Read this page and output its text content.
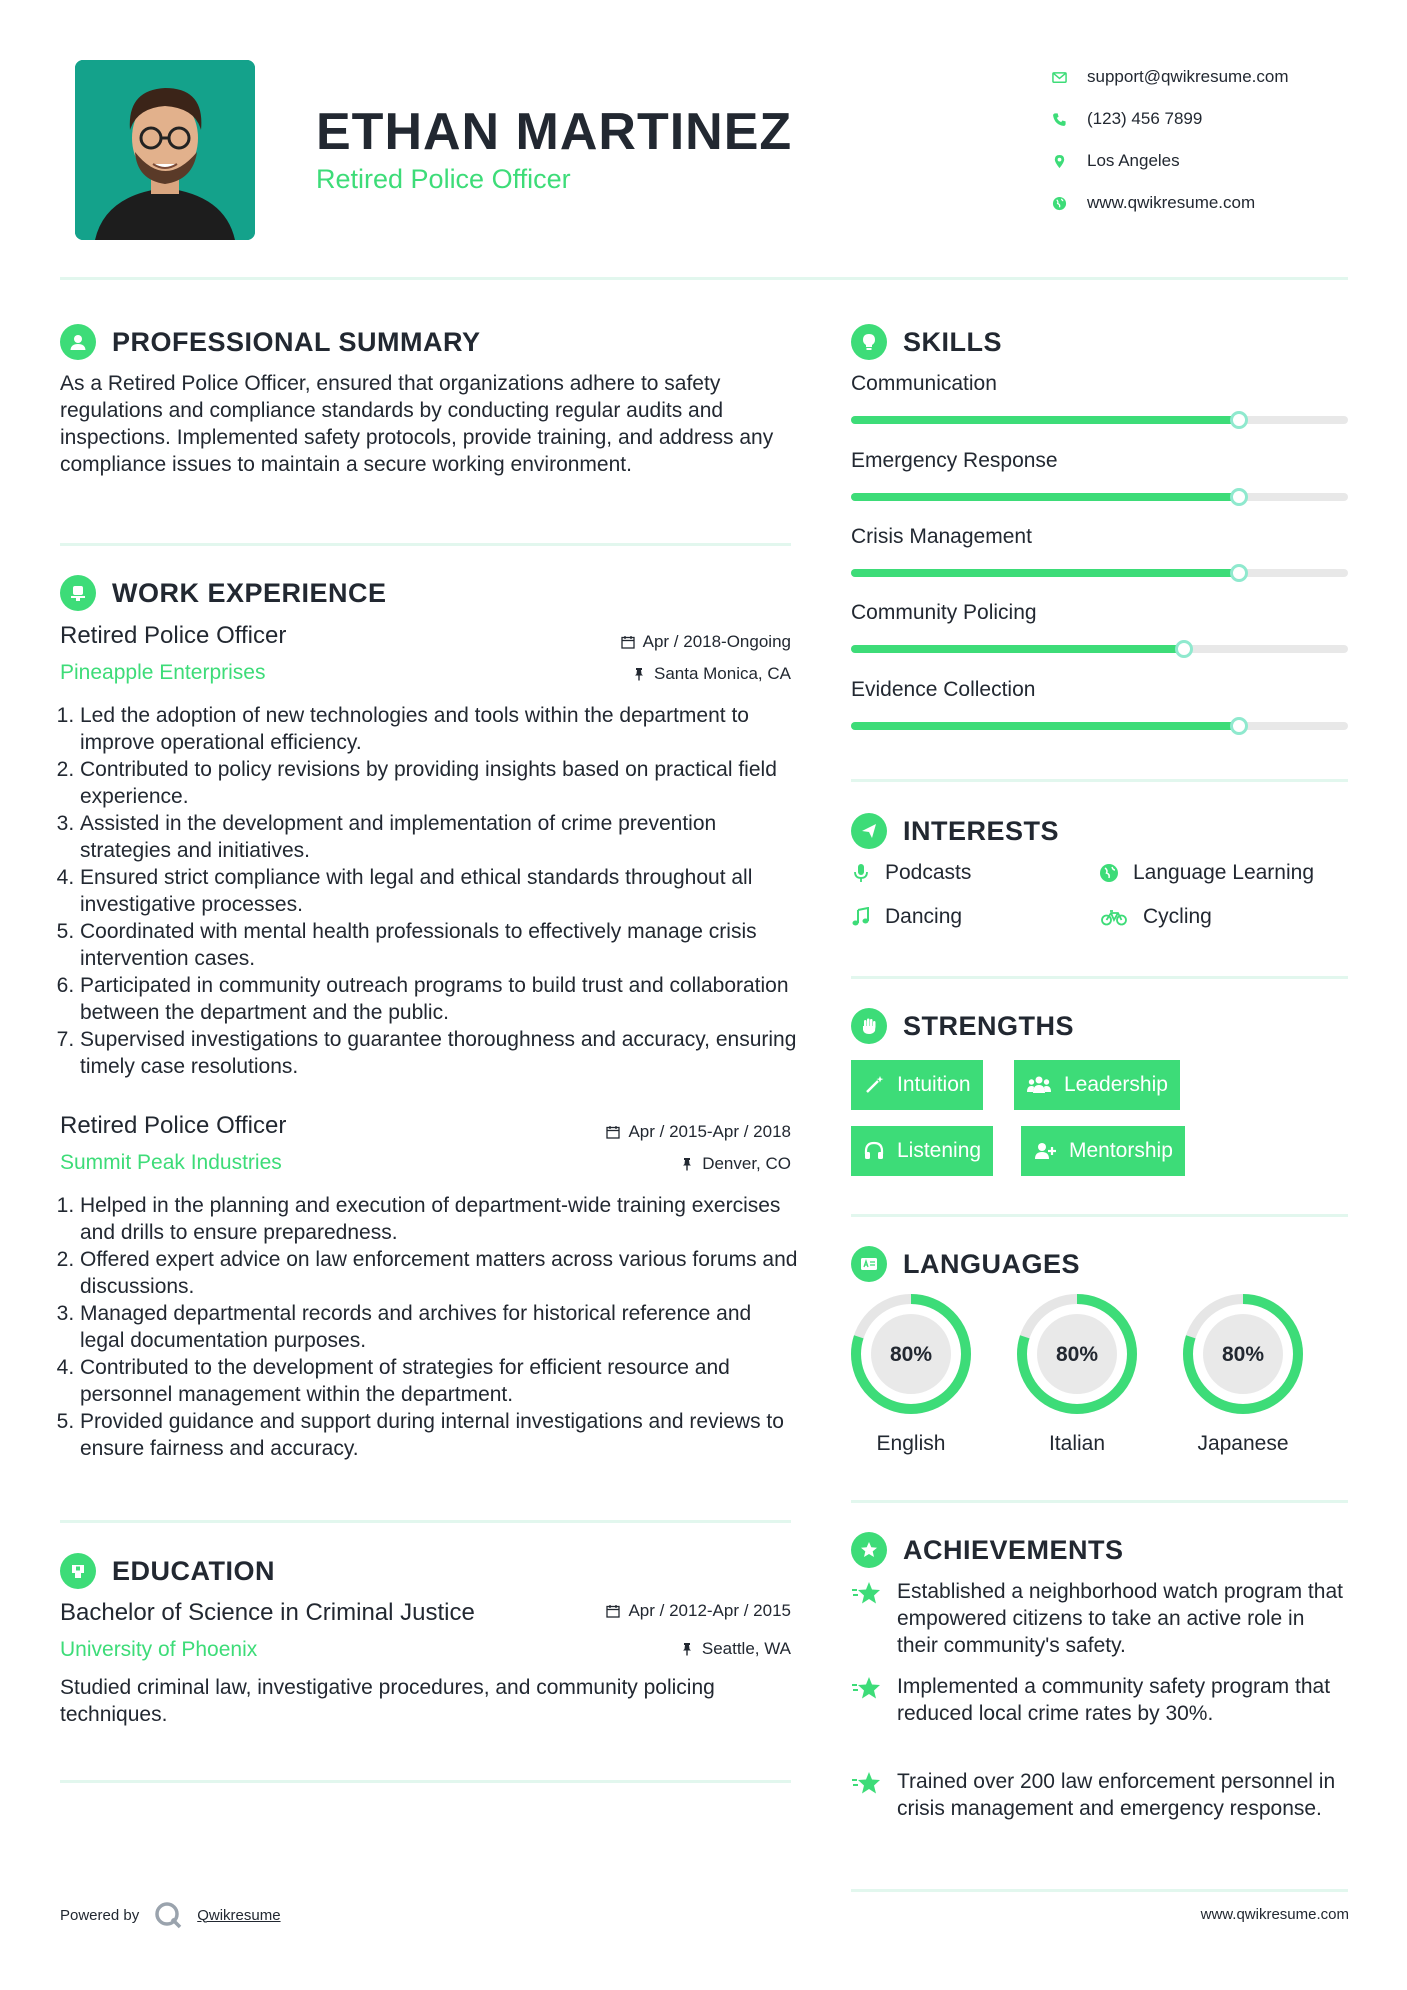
ETHAN MARTINEZ
Retired Police Officer
support@qwikresume.com
(123) 456 7899
Los Angeles
www.qwikresume.com
PROFESSIONAL SUMMARY
As a Retired Police Officer, ensured that organizations adhere to safety regulations and compliance standards by conducting regular audits and inspections. Implemented safety protocols, provide training, and address any compliance issues to maintain a secure working environment.
WORK EXPERIENCE
Retired Police Officer
Pineapple Enterprises
Apr / 2018-Ongoing
Santa Monica, CA
1. Led the adoption of new technologies and tools within the department to improve operational efficiency.
2. Contributed to policy revisions by providing insights based on practical field experience.
3. Assisted in the development and implementation of crime prevention strategies and initiatives.
4. Ensured strict compliance with legal and ethical standards throughout all investigative processes.
5. Coordinated with mental health professionals to effectively manage crisis intervention cases.
6. Participated in community outreach programs to build trust and collaboration between the department and the public.
7. Supervised investigations to guarantee thoroughness and accuracy, ensuring timely case resolutions.
Retired Police Officer
Summit Peak Industries
Apr / 2015-Apr / 2018
Denver, CO
1. Helped in the planning and execution of department-wide training exercises and drills to ensure preparedness.
2. Offered expert advice on law enforcement matters across various forums and discussions.
3. Managed departmental records and archives for historical reference and legal documentation purposes.
4. Contributed to the development of strategies for efficient resource and personnel management within the department.
5. Provided guidance and support during internal investigations and reviews to ensure fairness and accuracy.
EDUCATION
Bachelor of Science in Criminal Justice
University of Phoenix
Apr / 2012-Apr / 2015
Seattle, WA
Studied criminal law, investigative procedures, and community policing techniques.
SKILLS
Communication
Emergency Response
Crisis Management
Community Policing
Evidence Collection
INTERESTS
Podcasts	Language Learning
Dancing	Cycling
STRENGTHS
Intuition	Leadership
Listening	Mentorship
LANGUAGES
80%
English
80%
Italian
80%
Japanese
ACHIEVEMENTS
Established a neighborhood watch program that empowered citizens to take an active role in their community's safety.
Implemented a community safety program that reduced local crime rates by 30%.
Trained over 200 law enforcement personnel in crisis management and emergency response.
Powered by	Qwikresume	www.qwikresume.com
